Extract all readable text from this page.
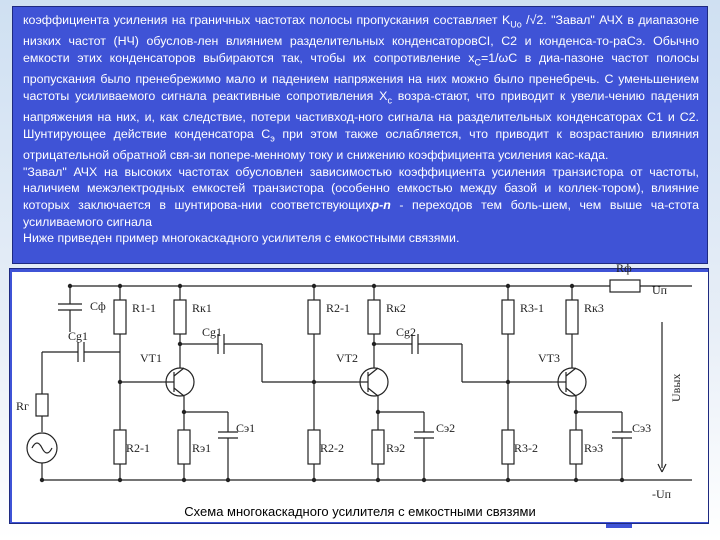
коэффициента усиления на граничных частотах полосы пропускания составляет $K_{Uo}$ /√2. "Завал" АЧХ в диапазоне низких частот (НЧ) обуслов-лен влиянием разделительных конденсаторовCI, C2 и конденса-то-раCэ. Обычно емкости этих конденсаторов выбираются так, чтобы их сопротивление $x_C=1/\omega C$ в диа-пазоне частот полосы пропускания было пренебрежимо мало и падением напряжения на них можно было пренебречь. С уменьшением частоты усиливаемого сигнала реактивные сопротивления $X_c$ возра-стают, что приводит к увели-чению падения напряжения на них, и, как следствие, потери частивход-ного сигнала на разделительных конденсаторах С1 и С2. Шунтирующее действие конденсатора $C_э$ при этом также ослабляется, что приводит к возрастанию влияния отрицательной обратной свя-зи попере-менному току и снижению коэффициента усиления кас-када.

"Завал" АЧХ на высоких частотах обусловлен зависимостью коэффициента усиления транзистора от частоты, наличием межэлектродных емкостей транзистора (особенно емкостью между базой и коллек-тором), влияние которых заключается в шунтирова-нии соответствующихp-n - переходов тем боль-шем, чем выше ча-стота усиливаемого сигнала

Ниже приведен пример многокаскадного усилителя с емкостными связями.

Cф
Rг
Cg1
R1-1	Rк1
R2-1	Rэ1
Cэ1
Cg1
VT1
R2-1	Rк2
R2-2	Rэ2
Cэ2
Cg2
VT2
R3-1	Rк3
R3-2	Rэ3
Cэ3
VT3
Rф
Uп
-Uп
Uвых
Схема многокаскадного усилителя с емкостными связями
